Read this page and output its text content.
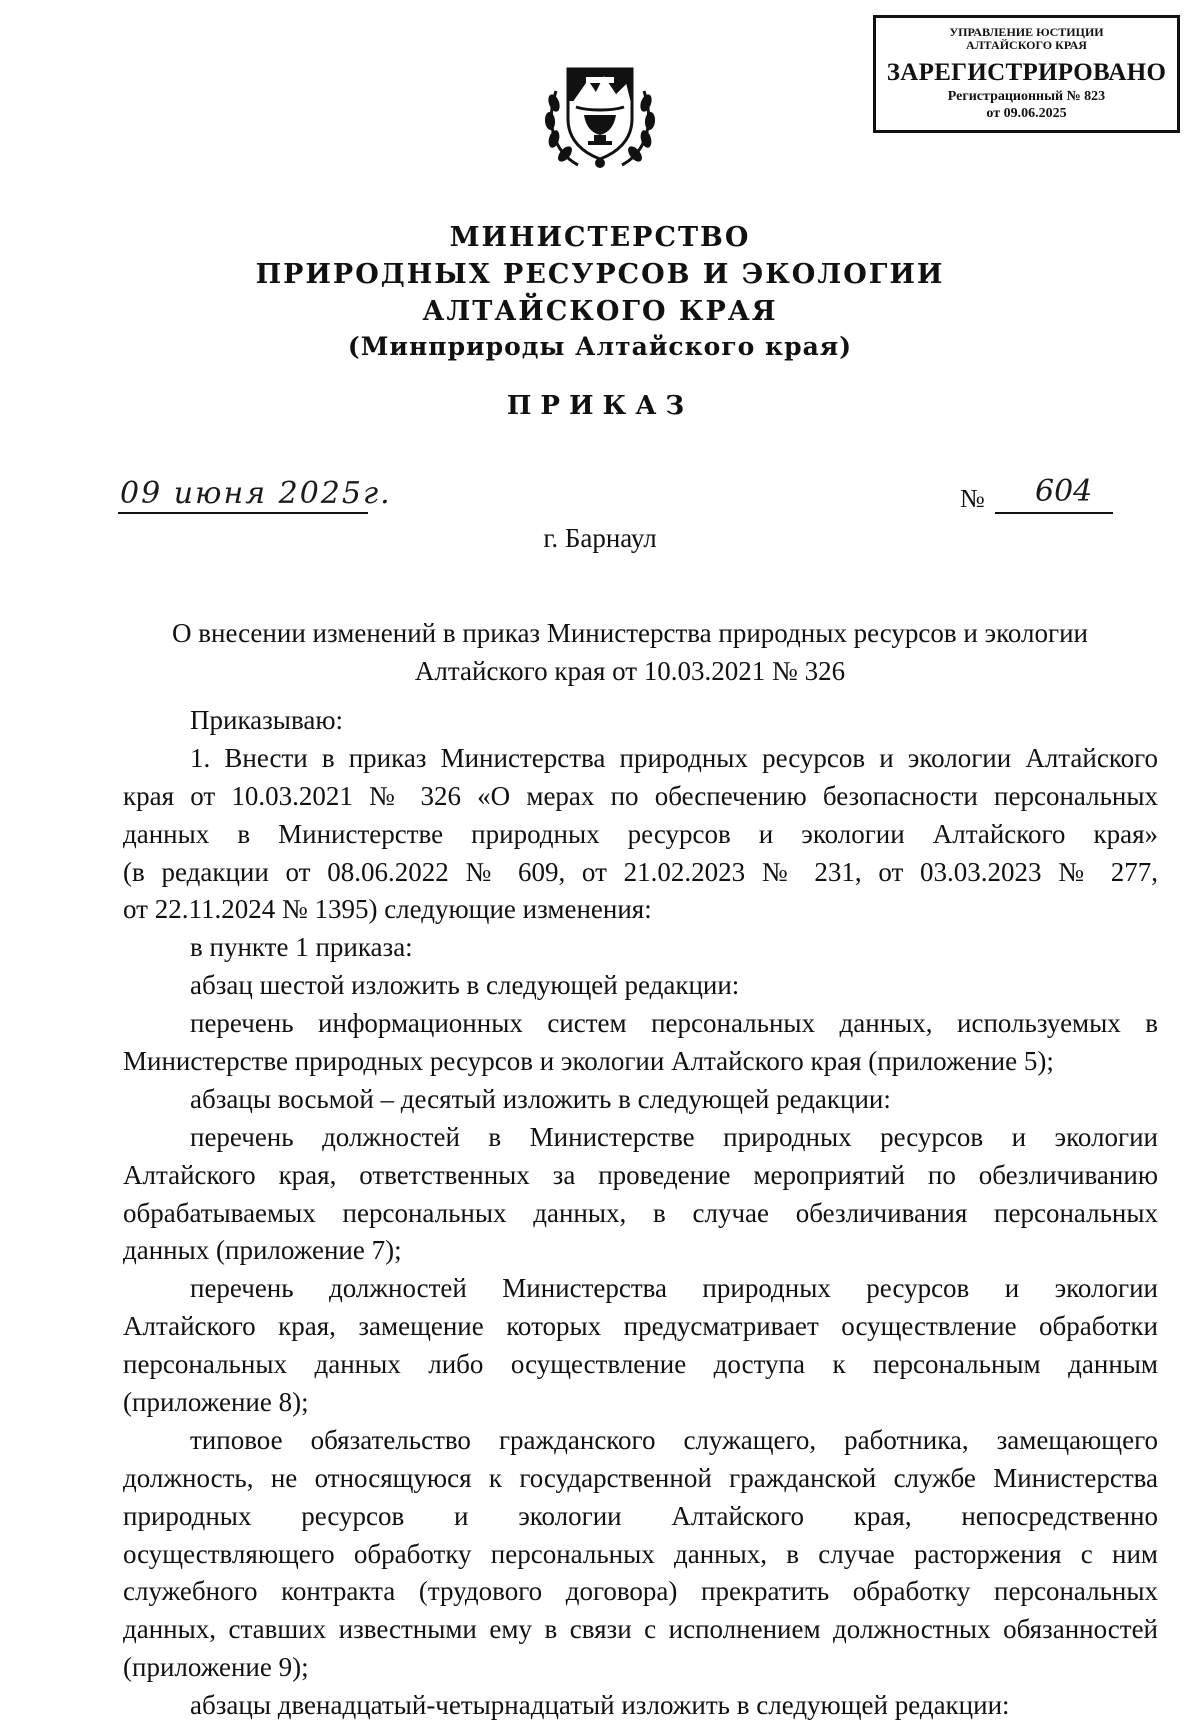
УПРАВЛЕНИЕ ЮСТИЦИИ
АЛТАЙСКОГО КРАЯ
ЗАРЕГИСТРИРОВАНО
Регистрационный № 823
от 09.06.2025
МИНИСТЕРСТВО
ПРИРОДНЫХ РЕСУРСОВ И ЭКОЛОГИИ
АЛТАЙСКОГО КРАЯ
(Минприроды Алтайского края)
ПРИКАЗ
09 июня 2025г.	№ 604
г. Барнаул
О внесении изменений в приказ Министерства природных ресурсов и экологии
Алтайского края от 10.03.2021 № 326
Приказываю:
1. Внести в приказ Министерства природных ресурсов и экологии Алтайского
края от 10.03.2021 № 326 «О мерах по обеспечению безопасности персональных
данных в Министерстве природных ресурсов и экологии Алтайского края»
(в редакции от 08.06.2022 № 609, от 21.02.2023 № 231, от 03.03.2023 № 277,
от 22.11.2024 № 1395) следующие изменения:
в пункте 1 приказа:
абзац шестой изложить в следующей редакции:
перечень информационных систем персональных данных, используемых в
Министерстве природных ресурсов и экологии Алтайского края (приложение 5);
абзацы восьмой – десятый изложить в следующей редакции:
перечень должностей в Министерстве природных ресурсов и экологии
Алтайского края, ответственных за проведение мероприятий по обезличиванию
обрабатываемых персональных данных, в случае обезличивания персональных
данных (приложение 7);
перечень должностей Министерства природных ресурсов и экологии
Алтайского края, замещение которых предусматривает осуществление обработки
персональных данных либо осуществление доступа к персональным данным
(приложение 8);
типовое обязательство гражданского служащего, работника, замещающего
должность, не относящуюся к государственной гражданской службе Министерства
природных ресурсов и экологии Алтайского края, непосредственно
осуществляющего обработку персональных данных, в случае расторжения с ним
служебного контракта (трудового договора) прекратить обработку персональных
данных, ставших известными ему в связи с исполнением должностных обязанностей
(приложение 9);
абзацы двенадцатый-четырнадцатый изложить в следующей редакции:
